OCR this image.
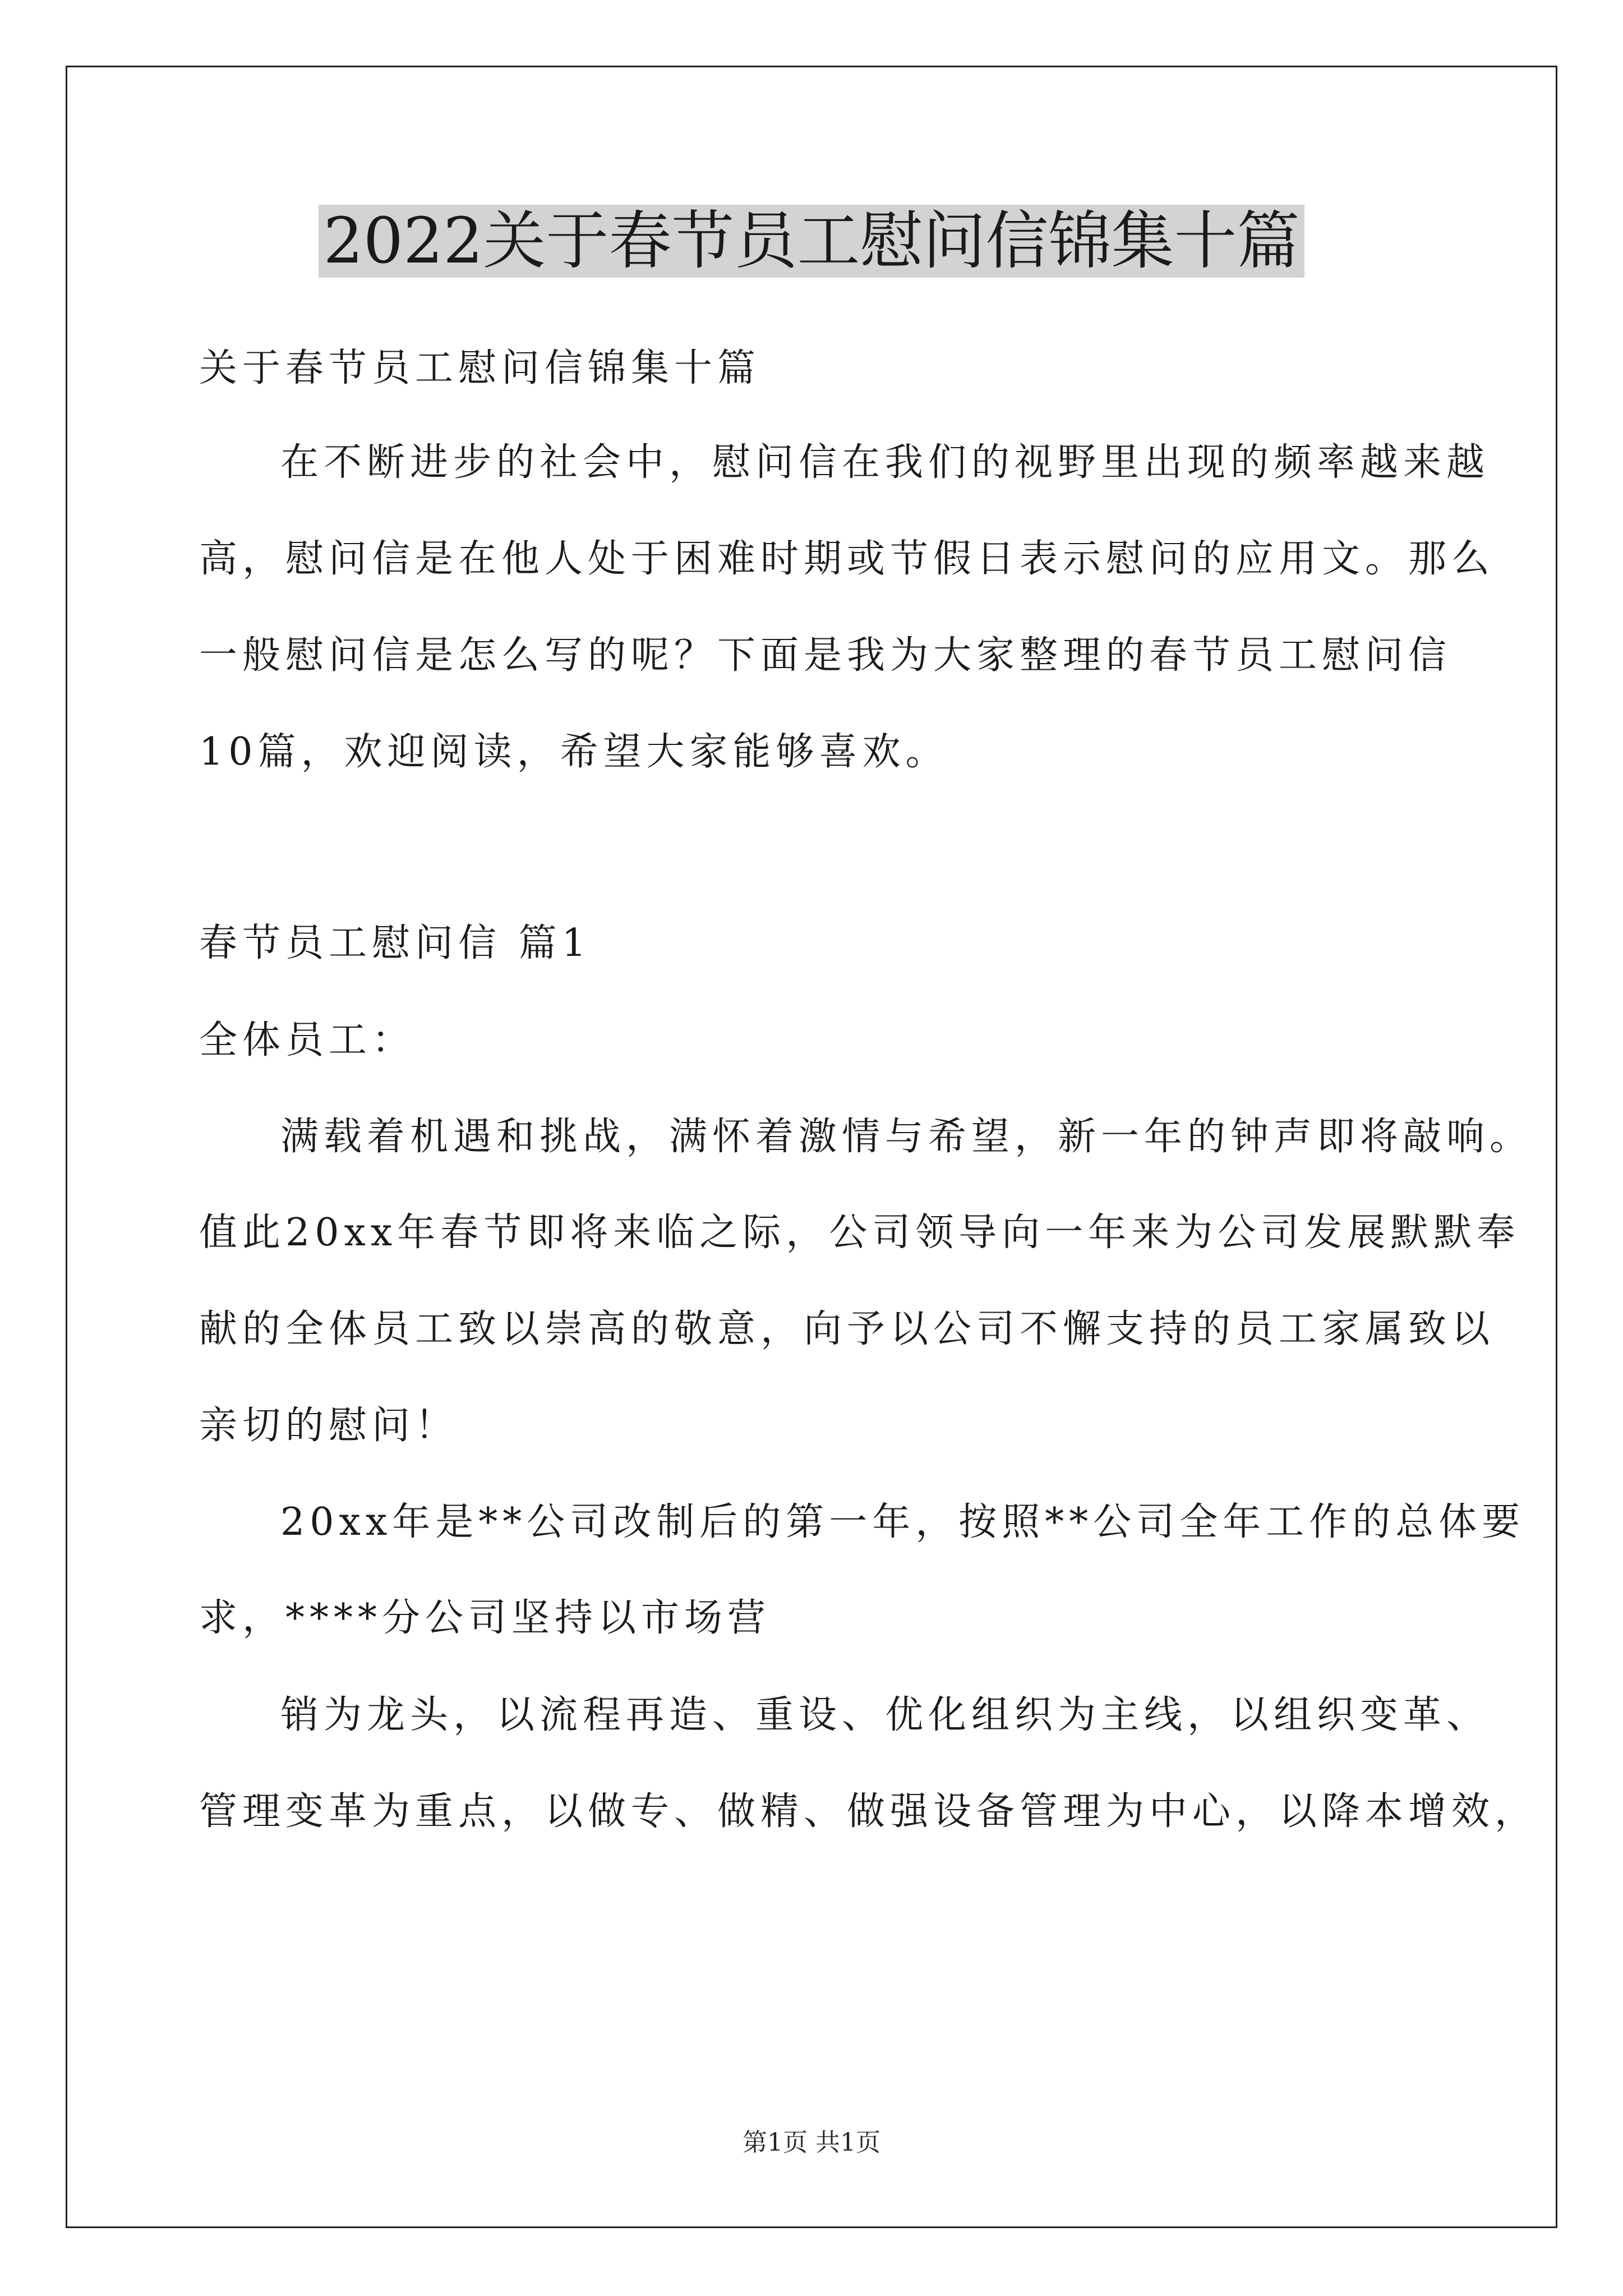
2022关于春节员工慰问信锦集十篇
关于春节员工慰问信锦集十篇
在不断进步的社会中，慰问信在我们的视野里出现的频率越来越
高，慰问信是在他人处于困难时期或节假日表示慰问的应用文。那么
一般慰问信是怎么写的呢？下面是我为大家整理的春节员工慰问信
10篇，欢迎阅读，希望大家能够喜欢。
春节员工慰问信 篇1
全体员工：
满载着机遇和挑战，满怀着激情与希望，新一年的钟声即将敲响。
值此20xx年春节即将来临之际，公司领导向一年来为公司发展默默奉
献的全体员工致以崇高的敬意，向予以公司不懈支持的员工家属致以
亲切的慰问！
20xx年是**公司改制后的第一年，按照**公司全年工作的总体要
求，****分公司坚持以市场营
销为龙头，以流程再造、重设、优化组织为主线，以组织变革、
管理变革为重点，以做专、做精、做强设备管理为中心，以降本增效，
第1页 共1页
